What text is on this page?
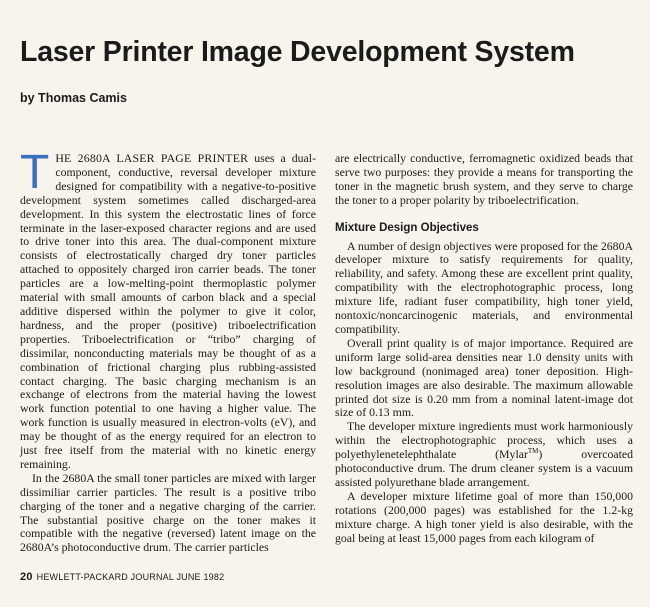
Laser Printer Image Development System
by Thomas Camis

THE 2680A LASER PAGE PRINTER uses a dual-component, conductive, reversal developer mixture designed for compatibility with a negative-to-positive development system sometimes called discharged-area development. In this system the electrostatic lines of force terminate in the laser-exposed character regions and are used to drive toner into this area. The dual-component mixture consists of electrostatically charged dry toner particles attached to oppositely charged iron carrier beads. The toner particles are a low-melting-point thermoplastic polymer material with small amounts of carbon black and a special additive dispersed within the polymer to give it color, hardness, and the proper (positive) triboelectrification properties. Triboelectrification or “tribo” charging of dissimilar, nonconducting materials may be thought of as a combination of frictional charging plus rubbing-assisted contact charging. The basic charging mechanism is an exchange of electrons from the material having the lowest work function potential to one having a higher value. The work function is usually measured in electron-volts (eV), and may be thought of as the energy required for an electron to just free itself from the material with no kinetic energy remaining.

In the 2680A the small toner particles are mixed with larger dissimiliar carrier particles. The result is a positive tribo charging of the toner and a negative charging of the carrier. The substantial positive charge on the toner makes it compatible with the negative (reversed) latent image on the 2680A’s photoconductive drum. The carrier particles

are electrically conductive, ferromagnetic oxidized beads that serve two purposes: they provide a means for transporting the toner in the magnetic brush system, and they serve to charge the toner to a proper polarity by triboelectrification.

Mixture Design Objectives

A number of design objectives were proposed for the 2680A developer mixture to satisfy requirements for quality, reliability, and safety. Among these are excellent print quality, compatibility with the electrophotographic process, long mixture life, radiant fuser compatibility, high toner yield, nontoxic/noncarcinogenic materials, and environmental compatibility.

Overall print quality is of major importance. Required are uniform large solid-area densities near 1.0 density units with low background (nonimaged area) toner deposition. High-resolution images are also desirable. The maximum allowable printed dot size is 0.20 mm from a nominal latent-image dot size of 0.13 mm.

The developer mixture ingredients must work harmoniously within the electrophotographic process, which uses a polyethylenetelephthalate (Mylar™) overcoated photoconductive drum. The drum cleaner system is a vacuum assisted polyurethane blade arrangement.

A developer mixture lifetime goal of more than 150,000 rotations (200,000 pages) was established for the 1.2-kg mixture charge. A high toner yield is also desirable, with the goal being at least 15,000 pages from each kilogram of

20 HEWLETT-PACKARD JOURNAL JUNE 1982
